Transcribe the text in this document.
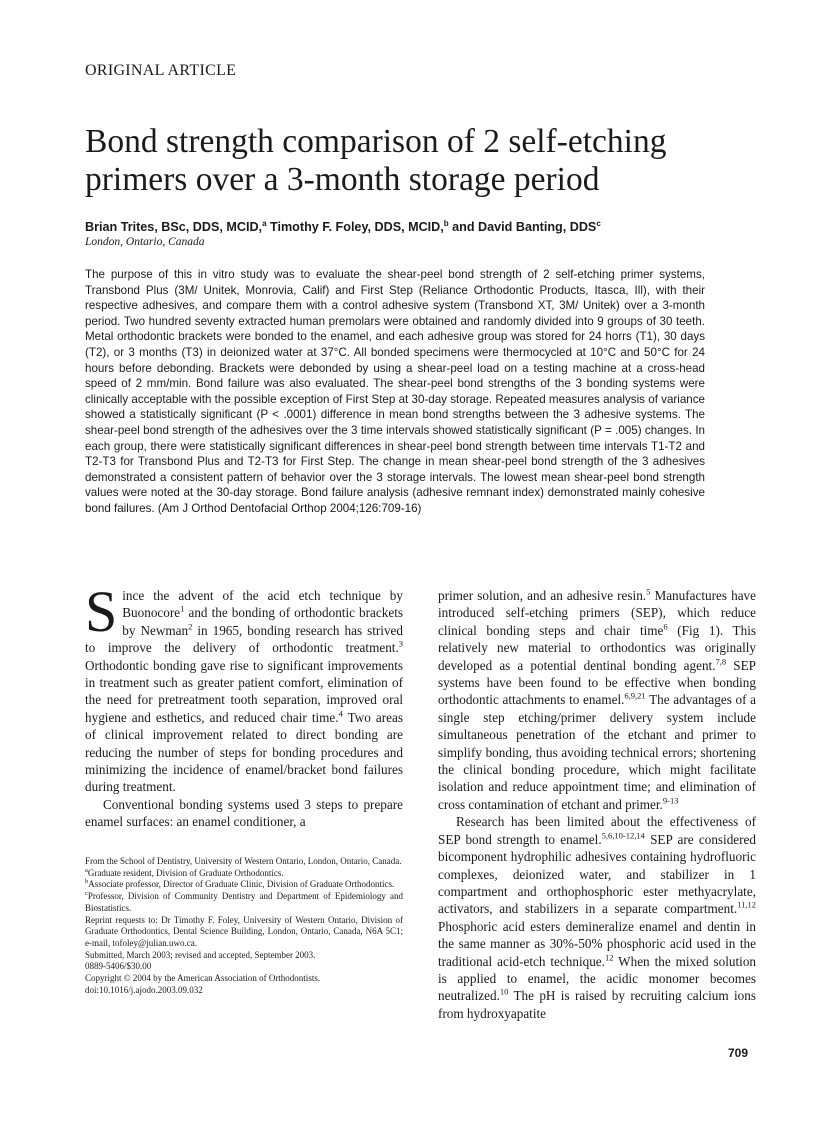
ORIGINAL ARTICLE
Bond strength comparison of 2 self-etching primers over a 3-month storage period
Brian Trites, BSc, DDS, MCID,$^a$ Timothy F. Foley, DDS, MCID,$^b$ and David Banting, DDS$^c$
London, Ontario, Canada
The purpose of this in vitro study was to evaluate the shear-peel bond strength of 2 self-etching primer systems, Transbond Plus (3M/ Unitek, Monrovia, Calif) and First Step (Reliance Orthodontic Products, Itasca, Ill), with their respective adhesives, and compare them with a control adhesive system (Transbond XT, 3M/ Unitek) over a 3-month period. Two hundred seventy extracted human premolars were obtained and randomly divided into 9 groups of 30 teeth. Metal orthodontic brackets were bonded to the enamel, and each adhesive group was stored for 24 horrs (T1), 30 days (T2), or 3 months (T3) in deionized water at 37°C. All bonded specimens were thermocycled at 10°C and 50°C for 24 hours before debonding. Brackets were debonded by using a shear-peel load on a testing machine at a cross-head speed of 2 mm/min. Bond failure was also evaluated. The shear-peel bond strengths of the 3 bonding systems were clinically acceptable with the possible exception of First Step at 30-day storage. Repeated measures analysis of variance showed a statistically significant (P < .0001) difference in mean bond strengths between the 3 adhesive systems. The shear-peel bond strength of the adhesives over the 3 time intervals showed statistically significant (P = .005) changes. In each group, there were statistically significant differences in shear-peel bond strength between time intervals T1-T2 and T2-T3 for Transbond Plus and T2-T3 for First Step. The change in mean shear-peel bond strength of the 3 adhesives demonstrated a consistent pattern of behavior over the 3 storage intervals. The lowest mean shear-peel bond strength values were noted at the 30-day storage. Bond failure analysis (adhesive remnant index) demonstrated mainly cohesive bond failures. (Am J Orthod Dentofacial Orthop 2004;126:709-16)

Since the advent of the acid etch technique by Buonocore$^1$ and the bonding of orthodontic brackets by Newman$^2$ in 1965, bonding research has strived to improve the delivery of orthodontic treatment.$^3$ Orthodontic bonding gave rise to significant improvements in treatment such as greater patient comfort, elimination of the need for pretreatment tooth separation, improved oral hygiene and esthetics, and reduced chair time.$^4$ Two areas of clinical improvement related to direct bonding are reducing the number of steps for bonding procedures and minimizing the incidence of enamel/bracket bond failures during treatment.

Conventional bonding systems used 3 steps to prepare enamel surfaces: an enamel conditioner, a

primer solution, and an adhesive resin.$^5$ Manufactures have introduced self-etching primers (SEP), which reduce clinical bonding steps and chair time$^6$ (Fig 1). This relatively new material to orthodontics was originally developed as a potential dentinal bonding agent.$^{7,8}$ SEP systems have been found to be effective when bonding orthodontic attachments to enamel.$^{6,9,21}$ The advantages of a single step etching/primer delivery system include simultaneous penetration of the etchant and primer to simplify bonding, thus avoiding technical errors; shortening the clinical bonding procedure, which might facilitate isolation and reduce appointment time; and elimination of cross contamination of etchant and primer.$^{9-13}$

Research has been limited about the effectiveness of SEP bond strength to enamel.$^{5,6,10-12,14}$ SEP are considered bicomponent hydrophilic adhesives containing hydrofluoric complexes, deionized water, and stabilizer in 1 compartment and orthophosphoric ester methyacrylate, activators, and stabilizers in a separate compartment.$^{11,12}$ Phosphoric acid esters demineralize enamel and dentin in the same manner as 30%-50% phosphoric acid used in the traditional acid-etch technique.$^{12}$ When the mixed solution is applied to enamel, the acidic monomer becomes neutralized.$^{10}$ The pH is raised by recruiting calcium ions from hydroxyapatite

From the School of Dentistry, University of Western Ontario, London, Ontario, Canada.

$^a$Graduate resident, Division of Graduate Orthodontics.

$^b$Associate professor, Director of Graduate Clinic, Division of Graduate Orthodontics.

$^c$Professor, Division of Community Dentistry and Department of Epidemiology and Biostatistics.

Reprint requests to: Dr Timothy F. Foley, University of Western Ontario, Division of Graduate Orthodontics, Dental Science Building, London, Ontario, Canada, N6A 5C1; e-mail, tofoley@julian.uwo.ca.

Submitted, March 2003; revised and accepted, September 2003.

0889-5406/$30.00

Copyright © 2004 by the American Association of Orthodontists.

doi:10.1016/j.ajodo.2003.09.032

709
